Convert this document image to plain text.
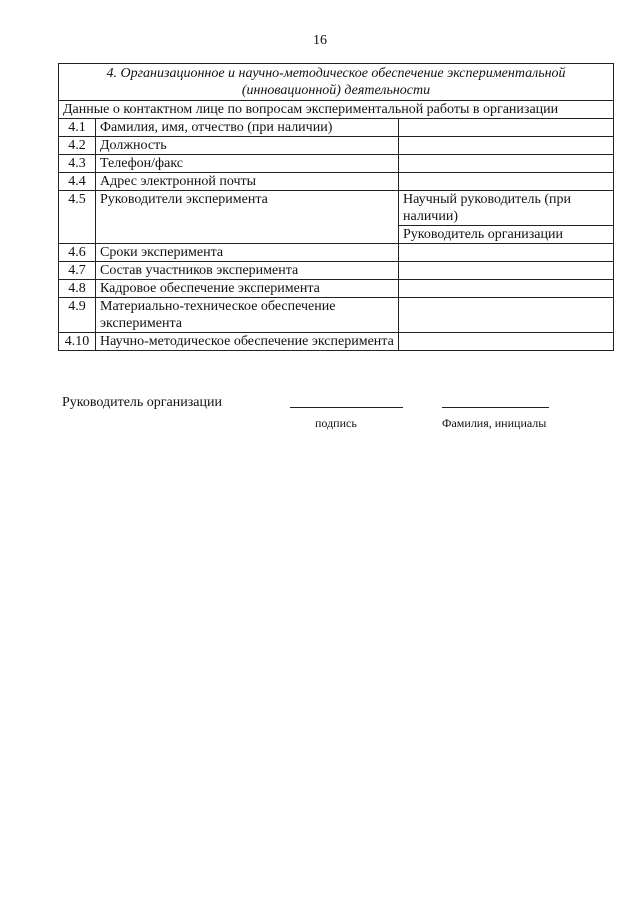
16
4. Организационное и научно-методическое обеспечение экспериментальной (инновационной) деятельности		
Данные о контактном лице по вопросам экспериментальной работы в организации		
4.1	Фамилия, имя, отчество (при наличии)	
4.2	Должность	
4.3	Телефон/факс	
4.4	Адрес электронной почты	
4.5	Руководители эксперимента	Научный руководитель (при наличии)
Руководитель организации

4.6	Сроки эксперимента	
4.7	Состав участников эксперимента	
4.8	Кадровое обеспечение эксперимента	
4.9	Материально-техническое обеспечение эксперимента	
4.10	Научно-методическое обеспечение эксперимента	
Руководитель организации
подпись	Фамилия, инициалы
